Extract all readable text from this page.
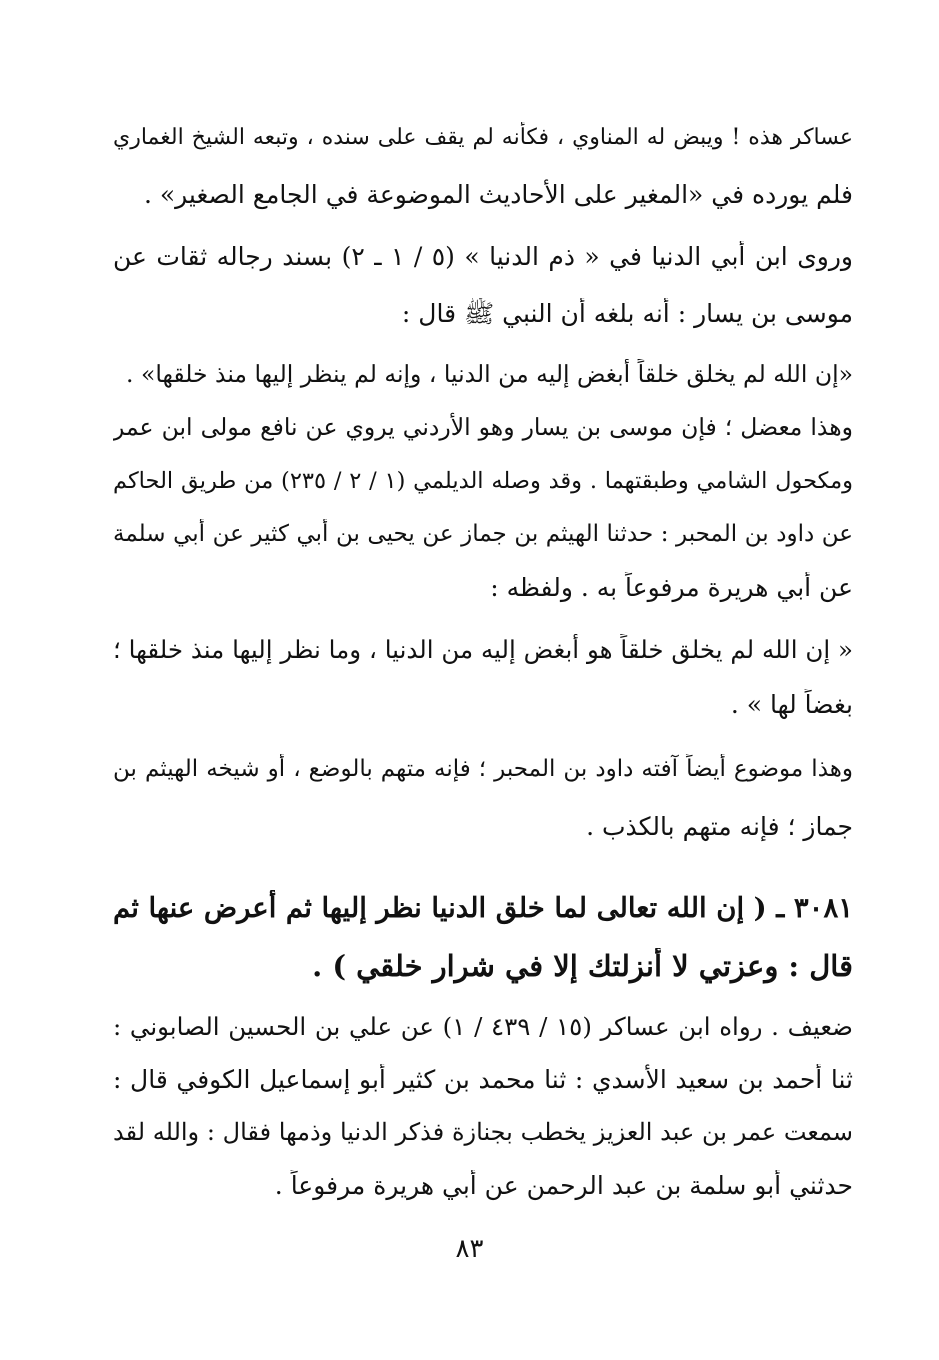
عساكر هذه ! ويبض له المناوي ، فكأنه لم يقف على سنده ، وتبعه الشيخ الغماري
فلم يورده في «المغير على الأحاديث الموضوعة في الجامع الصغير» .
وروى ابن أبي الدنيا في « ذم الدنيا » (٥ / ١ ـ ٢) بسند رجاله ثقات عن
موسى بن يسار : أنه بلغه أن النبي ﷺ قال :
«إن الله لم يخلق خلقاً أبغض إليه من الدنيا ، وإنه لم ينظر إليها منذ خلقها» .
وهذا معضل ؛ فإن موسى بن يسار وهو الأردني يروي عن نافع مولى ابن عمر
ومكحول الشامي وطبقتهما . وقد وصله الديلمي (١ / ٢ / ٢٣٥) من طريق الحاكم
عن داود بن المحبر : حدثنا الهيثم بن جماز عن يحيى بن أبي كثير عن أبي سلمة
عن أبي هريرة مرفوعاً به . ولفظه :
« إن الله لم يخلق خلقاً هو أبغض إليه من الدنيا ، وما نظر إليها منذ خلقها ؛
بغضاً لها » .
وهذا موضوع أيضاً آفته داود بن المحبر ؛ فإنه متهم بالوضع ، أو شيخه الهيثم بن
جماز ؛ فإنه متهم بالكذب .
٣٠٨١ ـ ( إن الله تعالى لما خلق الدنيا نظر إليها ثم أعرض عنها ثم
قال : وعزتي لا أنزلتك إلا في شرار خلقي ) .
ضعيف . رواه ابن عساكر (١٥ / ٤٣٩ / ١) عن علي بن الحسين الصابوني :
ثنا أحمد بن سعيد الأسدي : ثنا محمد بن كثير أبو إسماعيل الكوفي قال :
سمعت عمر بن عبد العزيز يخطب بجنازة فذكر الدنيا وذمها فقال : والله لقد
حدثني أبو سلمة بن عبد الرحمن عن أبي هريرة مرفوعاً .
٨٣
